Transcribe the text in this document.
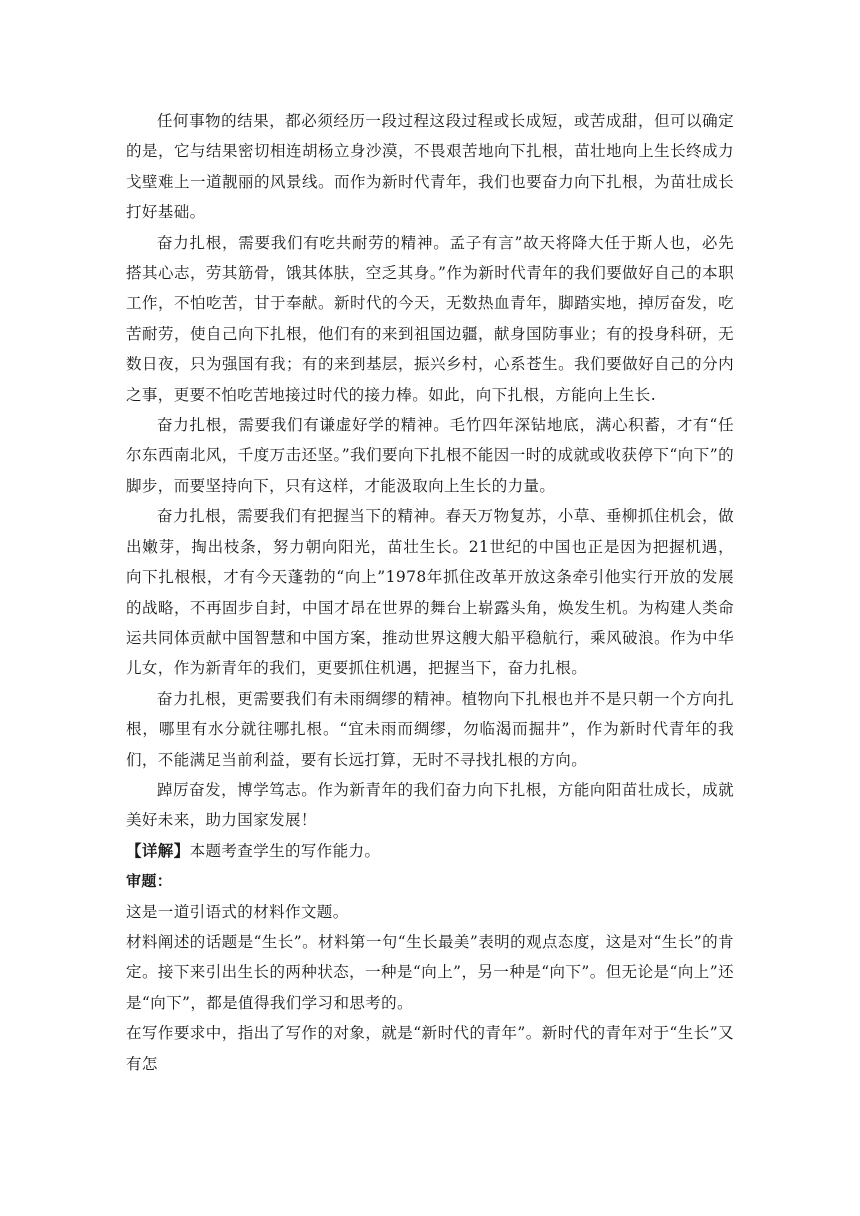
任何事物的结果，都必须经历一段过程这段过程或长成短，或苦成甜，但可以确定的是，它与结果密切相连胡杨立身沙漠，不畏艰苦地向下扎根，苗壮地向上生长终成力戈壁难上一道靓丽的风景线。而作为新时代青年，我们也要奋力向下扎根，为苗壮成长打好基础。

奋力扎根，需要我们有吃共耐劳的精神。孟子有言”故天将降大任于斯人也，必先搭其心志，劳其筋骨，饿其体肤，空乏其身。”作为新时代青年的我们要做好自己的本职工作，不怕吃苦，甘于奉献。新时代的今天，无数热血青年，脚踏实地，掉厉奋发，吃苦耐劳，使自己向下扎根，他们有的来到祖国边疆，献身国防事业；有的投身科研，无数日夜，只为强国有我；有的来到基层，振兴乡村，心系苍生。我们要做好自己的分内之事，更要不怕吃苦地接过时代的接力棒。如此，向下扎根，方能向上生长.

奋力扎根，需要我们有谦虚好学的精神。毛竹四年深钻地底，满心积蓄，才有“任尔东西南北风，千度万击还坚。”我们要向下扎根不能因一时的成就或收获停下“向下”的脚步，而要坚持向下，只有这样，才能汲取向上生长的力量。

奋力扎根，需要我们有把握当下的精神。春天万物复苏，小草、垂柳抓住机会，做出嫩芽，掏出枝条，努力朝向阳光，苗壮生长。21世纪的中国也正是因为把握机遇，向下扎根根，才有今天蓬勃的“向上”1978年抓住改革开放这条牵引他实行开放的发展的战略，不再固步自封，中国才昂在世界的舞台上崭露头角，焕发生机。为构建人类命运共同体贡献中国智慧和中国方案，推动世界这艘大船平稳航行，乘风破浪。作为中华儿女，作为新青年的我们，更要抓住机遇，把握当下，奋力扎根。

奋力扎根，更需要我们有未雨绸缪的精神。植物向下扎根也并不是只朝一个方向扎根，哪里有水分就往哪扎根。“宜未雨而绸缪，勿临渴而掘井”，作为新时代青年的我们，不能满足当前利益，要有长远打算，无时不寻找扎根的方向。

踔厉奋发，博学笃志。作为新青年的我们奋力向下扎根，方能向阳苗壮成长，成就美好未来，助力国家发展！

【详解】本题考查学生的写作能力。

审题：

这是一道引语式的材料作文题。

材料阐述的话题是“生长”。材料第一句“生长最美”表明的观点态度，这是对“生长”的肯定。接下来引出生长的两种状态，一种是“向上”，另一种是“向下”。但无论是“向上”还是“向下”，都是值得我们学习和思考的。

在写作要求中，指出了写作的对象，就是“新时代的青年”。新时代的青年对于“生长”又有怎
